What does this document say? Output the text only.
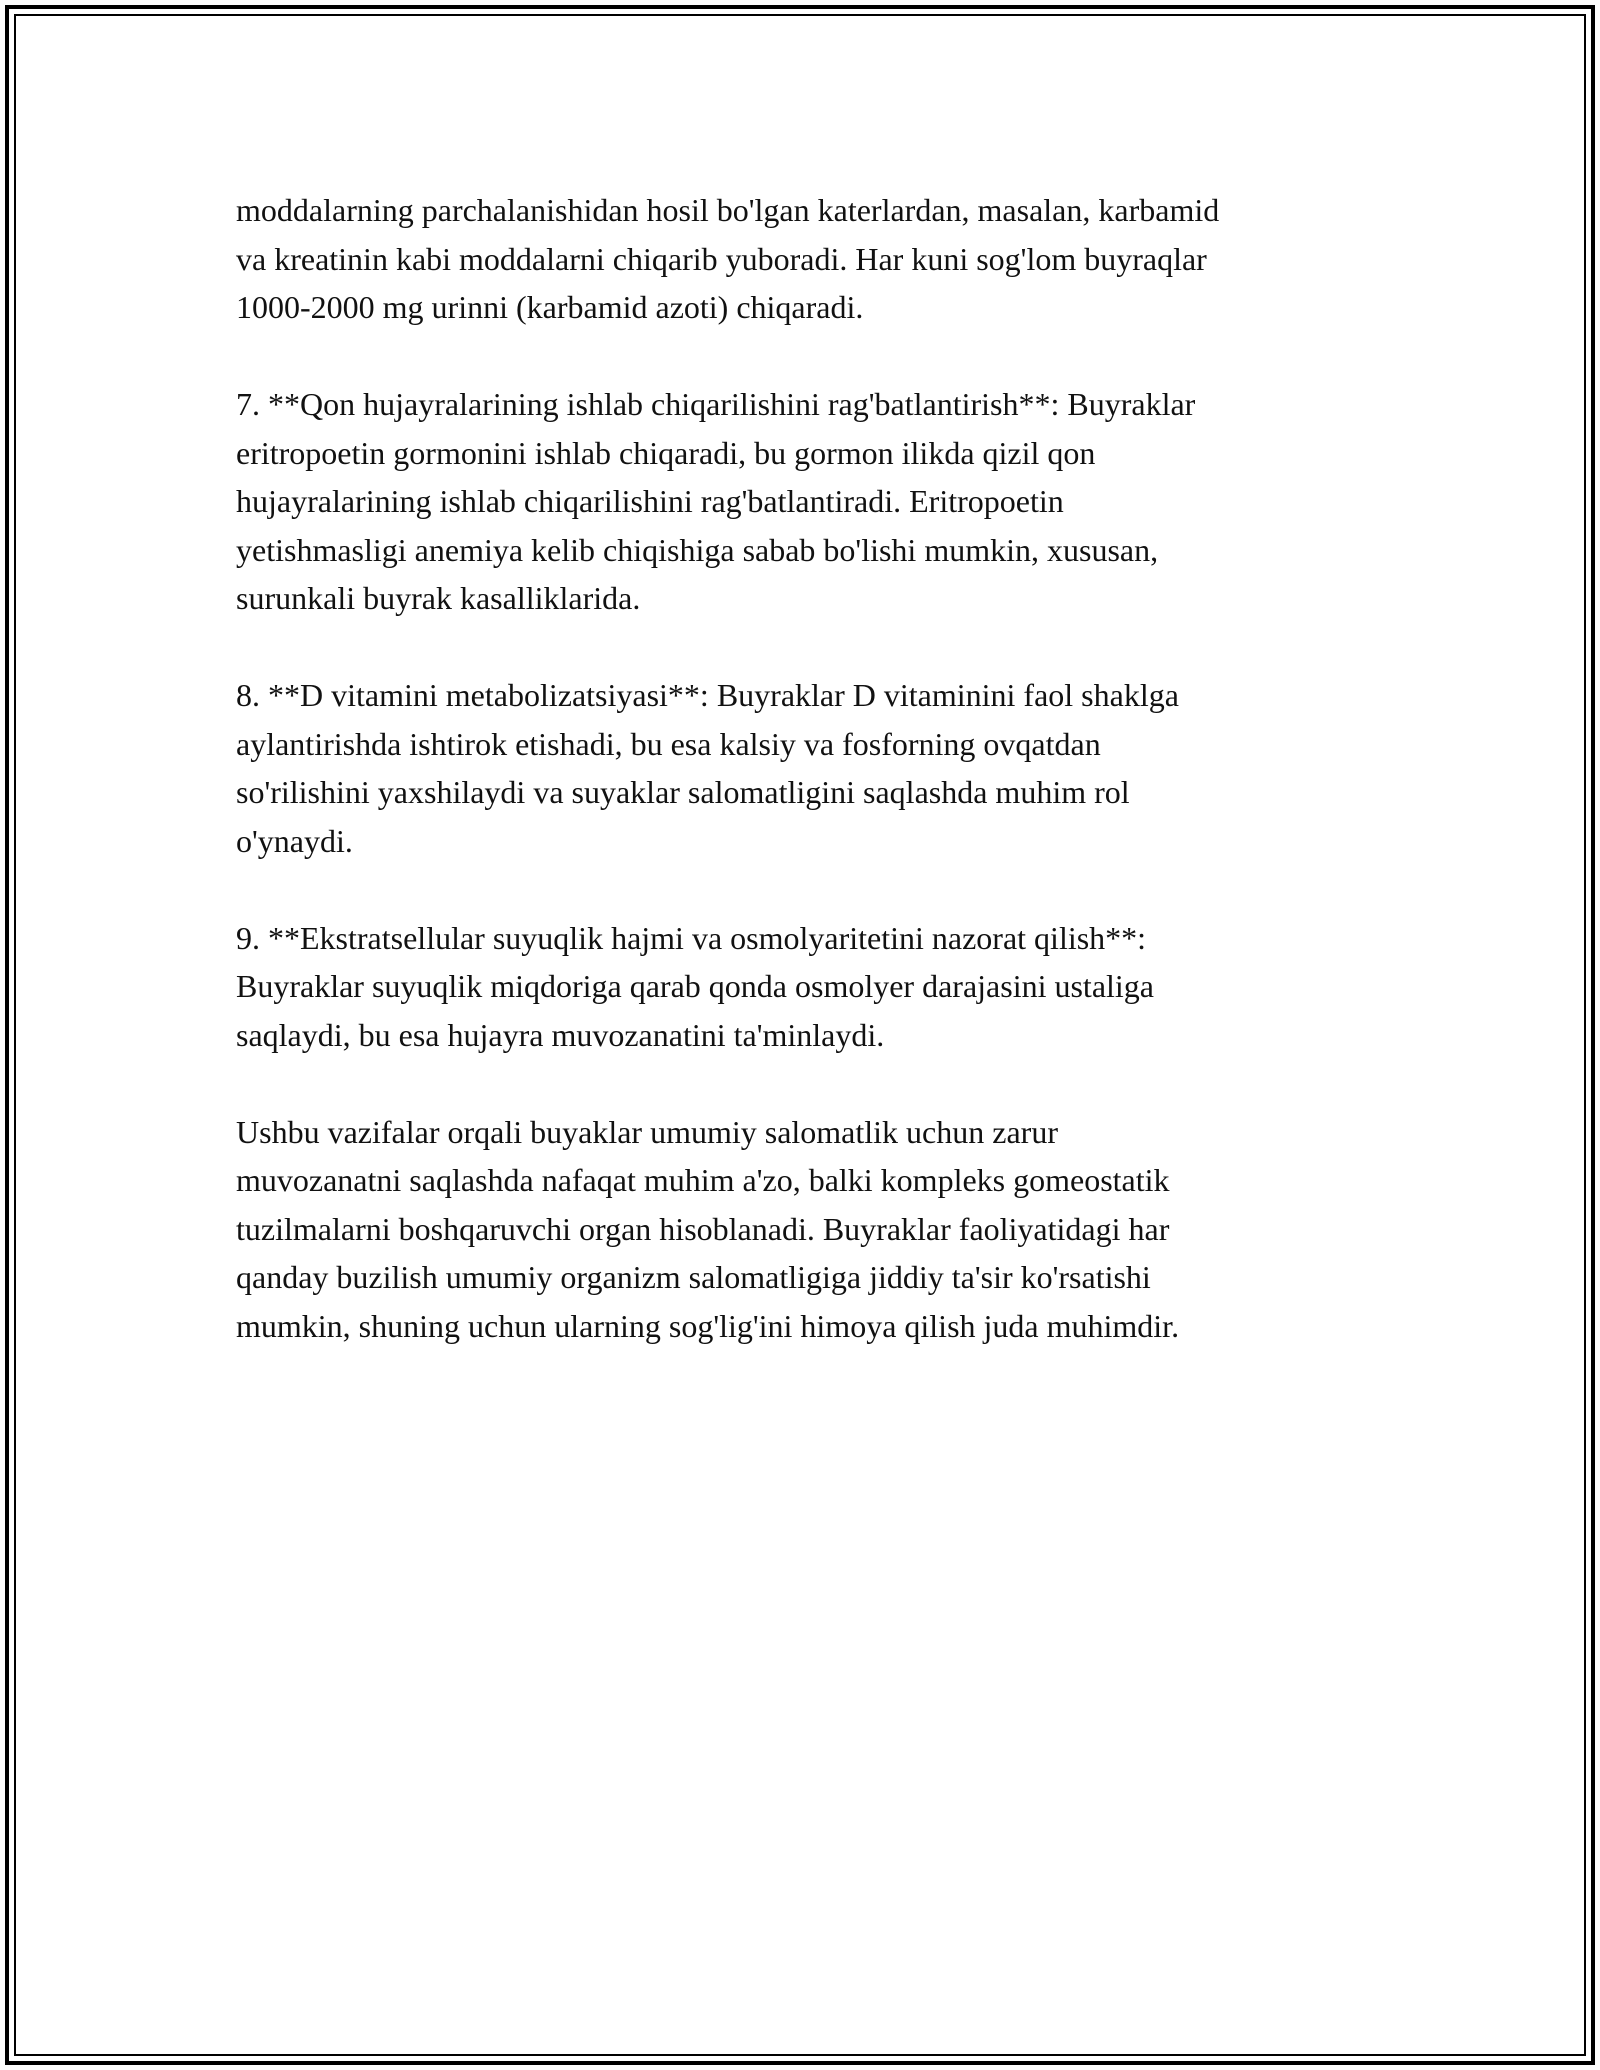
moddalarning parchalanishidan hosil bo'lgan katerlardan, masalan, karbamid
va kreatinin kabi moddalarni chiqarib yuboradi. Har kuni sog'lom buyraqlar
1000-2000 mg urinni (karbamid azoti) chiqaradi.

7. **Qon hujayralarining ishlab chiqarilishini rag'batlantirish**: Buyraklar
eritropoetin gormonini ishlab chiqaradi, bu gormon ilikda qizil qon
hujayralarining ishlab chiqarilishini rag'batlantiradi. Eritropoetin
yetishmasligi anemiya kelib chiqishiga sabab bo'lishi mumkin, xususan,
surunkali buyrak kasalliklarida.

8. **D vitamini metabolizatsiyasi**: Buyraklar D vitaminini faol shaklga
aylantirishda ishtirok etishadi, bu esa kalsiy va fosforning ovqatdan
so'rilishini yaxshilaydi va suyaklar salomatligini saqlashda muhim rol
o'ynaydi.

9. **Ekstratsellular suyuqlik hajmi va osmolyaritetini nazorat qilish**:
Buyraklar suyuqlik miqdoriga qarab qonda osmolyer darajasini ustaliga
saqlaydi, bu esa hujayra muvozanatini ta'minlaydi.

Ushbu vazifalar orqali buyaklar umumiy salomatlik uchun zarur
muvozanatni saqlashda nafaqat muhim a'zo, balki kompleks gomeostatik
tuzilmalarni boshqaruvchi organ hisoblanadi. Buyraklar faoliyatidagi har
qanday buzilish umumiy organizm salomatligiga jiddiy ta'sir ko'rsatishi
mumkin, shuning uchun ularning sog'lig'ini himoya qilish juda muhimdir.
